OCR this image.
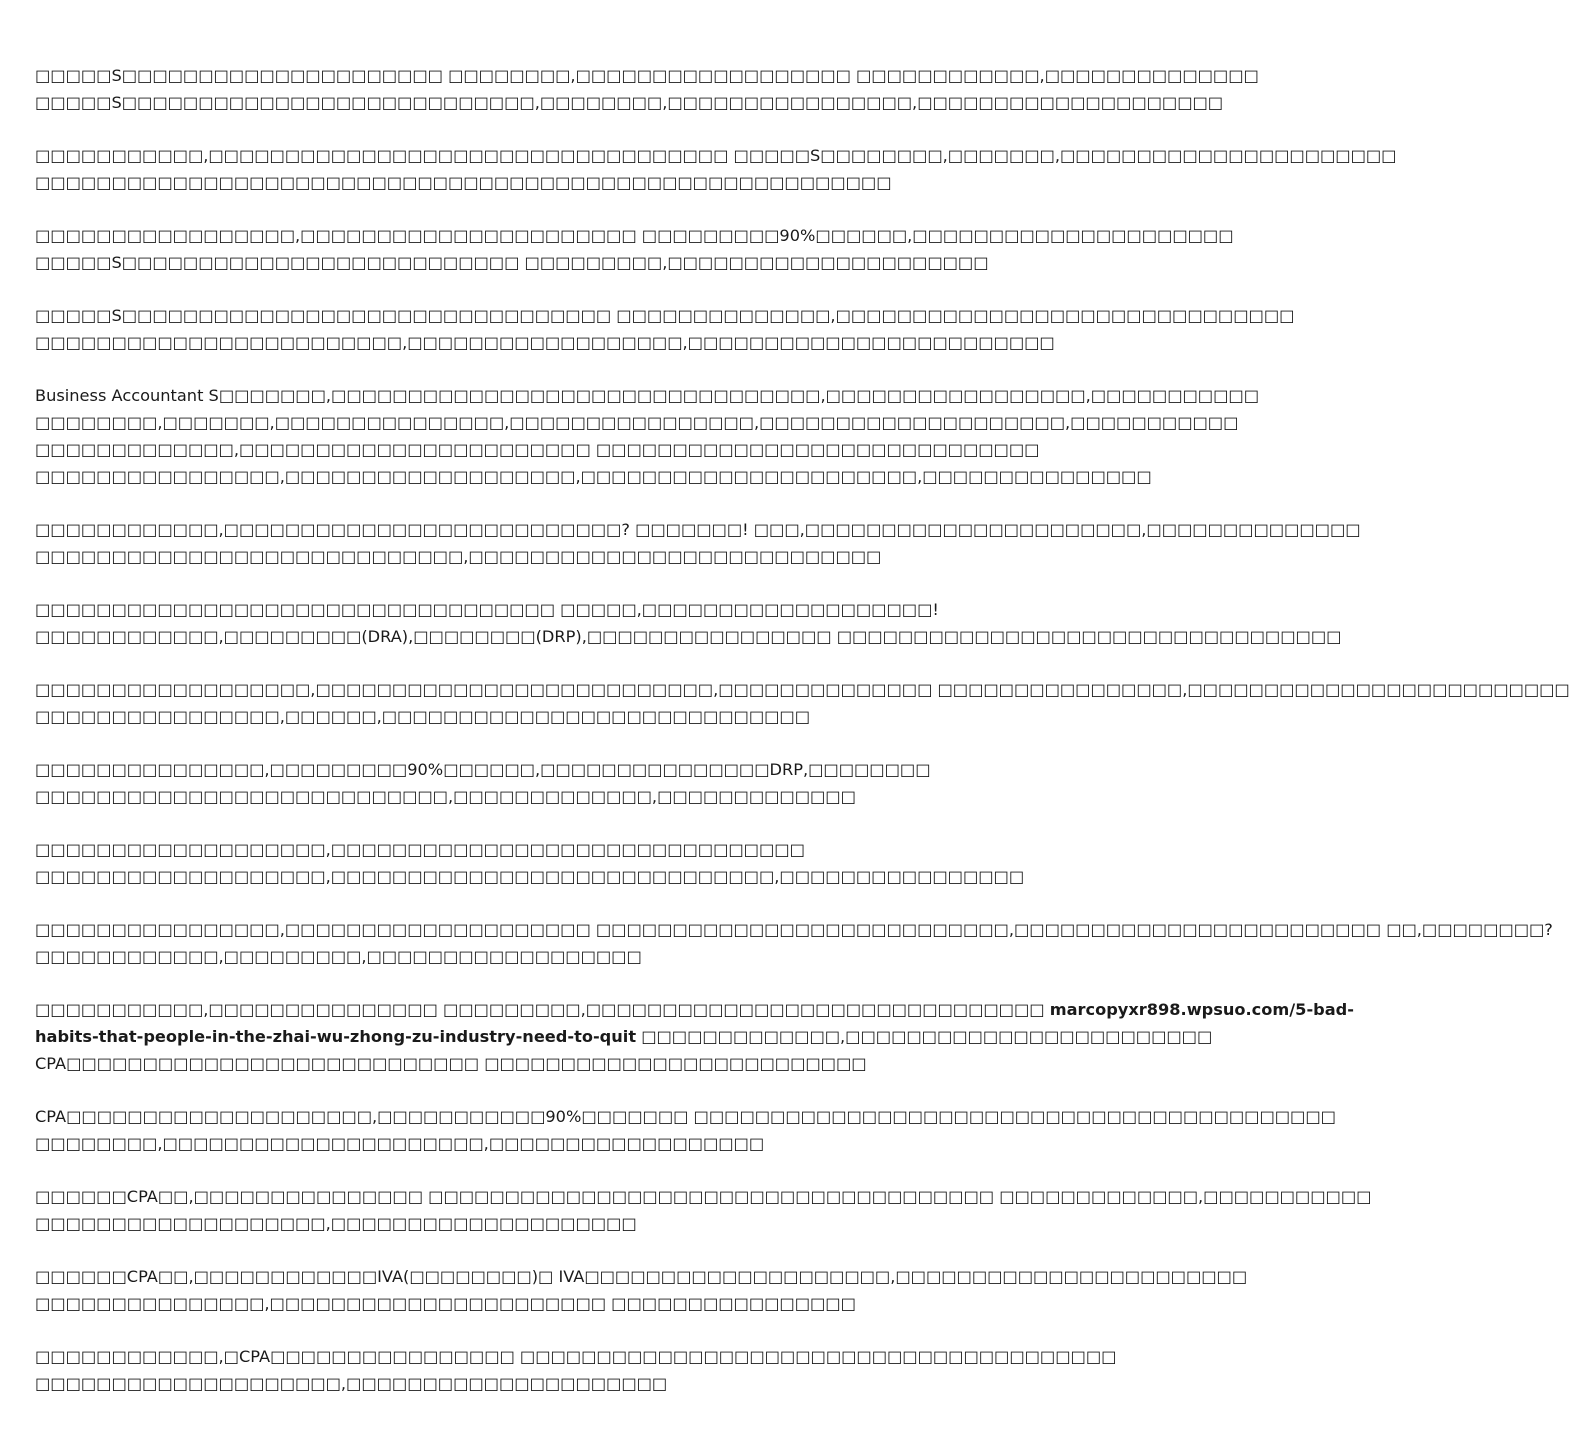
□□□□□S□□□□□□□□□□□□□□□□□□□□□ □□□□□□□□,□□□□□□□□□□□□□□□□□□ □□□□□□□□□□□□,□□□□□□□□□□□□□□
□□□□□S□□□□□□□□□□□□□□□□□□□□□□□□□□□,□□□□□□□□,□□□□□□□□□□□□□□□□,□□□□□□□□□□□□□□□□□□□□
□□□□□□□□□□□,□□□□□□□□□□□□□□□□□□□□□□□□□□□□□□□□□□ □□□□□S□□□□□□□□,□□□□□□□,□□□□□□□□□□□□□□□□□□□□□□
□□□□□□□□□□□□□□□□□□□□□□□□□□□□□□□□□□□□□□□□□□□□□□□□□□□□□□□□
□□□□□□□□□□□□□□□□□,□□□□□□□□□□□□□□□□□□□□□□ □□□□□□□□□90%□□□□□□,□□□□□□□□□□□□□□□□□□□□□
□□□□□S□□□□□□□□□□□□□□□□□□□□□□□□□□ □□□□□□□□□,□□□□□□□□□□□□□□□□□□□□□
□□□□□S□□□□□□□□□□□□□□□□□□□□□□□□□□□□□□□□ □□□□□□□□□□□□□□,□□□□□□□□□□□□□□□□□□□□□□□□□□□□□□
□□□□□□□□□□□□□□□□□□□□□□□□,□□□□□□□□□□□□□□□□□□,□□□□□□□□□□□□□□□□□□□□□□□□
Business Accountant S□□□□□□□,□□□□□□□□□□□□□□□□□□□□□□□□□□□□□□□□,□□□□□□□□□□□□□□□□□,□□□□□□□□□□□
□□□□□□□□,□□□□□□□,□□□□□□□□□□□□□□□,□□□□□□□□□□□□□□□□,□□□□□□□□□□□□□□□□□□□□,□□□□□□□□□□□
□□□□□□□□□□□□□,□□□□□□□□□□□□□□□□□□□□□□□ □□□□□□□□□□□□□□□□□□□□□□□□□□□□□
□□□□□□□□□□□□□□□□,□□□□□□□□□□□□□□□□□□□,□□□□□□□□□□□□□□□□□□□□□□,□□□□□□□□□□□□□□□
□□□□□□□□□□□□,□□□□□□□□□□□□□□□□□□□□□□□□□□? □□□□□□□! □□□,□□□□□□□□□□□□□□□□□□□□□□,□□□□□□□□□□□□□□
□□□□□□□□□□□□□□□□□□□□□□□□□□□□,□□□□□□□□□□□□□□□□□□□□□□□□□□□
□□□□□□□□□□□□□□□□□□□□□□□□□□□□□□□□□□ □□□□□,□□□□□□□□□□□□□□□□□□□!
□□□□□□□□□□□□,□□□□□□□□□(DRA),□□□□□□□□(DRP),□□□□□□□□□□□□□□□□ □□□□□□□□□□□□□□□□□□□□□□□□□□□□□□□□□
□□□□□□□□□□□□□□□□□□,□□□□□□□□□□□□□□□□□□□□□□□□□□,□□□□□□□□□□□□□□ □□□□□□□□□□□□□□□□,□□□□□□□□□□□□□□□□□□□□□□□□□
□□□□□□□□□□□□□□□□,□□□□□□,□□□□□□□□□□□□□□□□□□□□□□□□□□□□
□□□□□□□□□□□□□□□,□□□□□□□□□90%□□□□□□,□□□□□□□□□□□□□□□DRP,□□□□□□□□
□□□□□□□□□□□□□□□□□□□□□□□□□□□,□□□□□□□□□□□□□,□□□□□□□□□□□□□
□□□□□□□□□□□□□□□□□□□,□□□□□□□□□□□□□□□□□□□□□□□□□□□□□□□
□□□□□□□□□□□□□□□□□□□,□□□□□□□□□□□□□□□□□□□□□□□□□□□□□,□□□□□□□□□□□□□□□□
□□□□□□□□□□□□□□□□,□□□□□□□□□□□□□□□□□□□□ □□□□□□□□□□□□□□□□□□□□□□□□□□□,□□□□□□□□□□□□□□□□□□□□□□□□ □□,□□□□□□□□?
□□□□□□□□□□□□,□□□□□□□□□,□□□□□□□□□□□□□□□□□□
□□□□□□□□□□□,□□□□□□□□□□□□□□□ □□□□□□□□□,□□□□□□□□□□□□□□□□□□□□□□□□□□□□□□ marcopyxr898.wpsuo.com/5-bad-
habits-that-people-in-the-zhai-wu-zhong-zu-industry-need-to-quit □□□□□□□□□□□□□,□□□□□□□□□□□□□□□□□□□□□□□□
CPA□□□□□□□□□□□□□□□□□□□□□□□□□□□ □□□□□□□□□□□□□□□□□□□□□□□□□
CPA□□□□□□□□□□□□□□□□□□□□,□□□□□□□□□□□90%□□□□□□□ □□□□□□□□□□□□□□□□□□□□□□□□□□□□□□□□□□□□□□□□□□
□□□□□□□□,□□□□□□□□□□□□□□□□□□□□□,□□□□□□□□□□□□□□□□□□
□□□□□□CPA□□,□□□□□□□□□□□□□□□ □□□□□□□□□□□□□□□□□□□□□□□□□□□□□□□□□□□□□ □□□□□□□□□□□□□,□□□□□□□□□□□
□□□□□□□□□□□□□□□□□□□,□□□□□□□□□□□□□□□□□□□□
□□□□□□CPA□□,□□□□□□□□□□□□IVA(□□□□□□□□)□ IVA□□□□□□□□□□□□□□□□□□□□,□□□□□□□□□□□□□□□□□□□□□□□
□□□□□□□□□□□□□□□,□□□□□□□□□□□□□□□□□□□□□□ □□□□□□□□□□□□□□□□
□□□□□□□□□□□□,□CPA□□□□□□□□□□□□□□□□ □□□□□□□□□□□□□□□□□□□□□□□□□□□□□□□□□□□□□□□
□□□□□□□□□□□□□□□□□□□□,□□□□□□□□□□□□□□□□□□□□□
